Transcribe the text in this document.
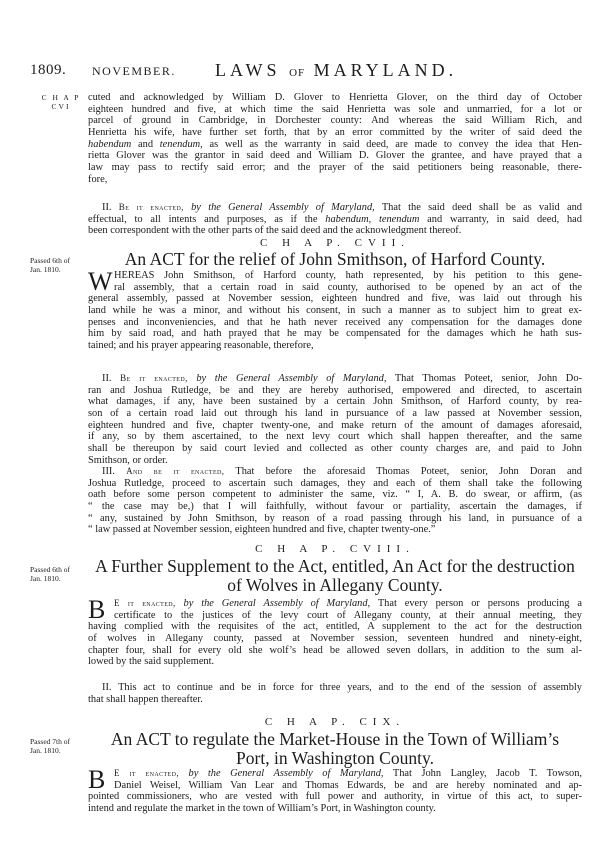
1809. NOVEMBER. LAWS OF MARYLAND.
C H A P
CVI
cuted and acknowledged by William D. Glover to Henrietta Glover, on the third day of October
eighteen hundred and five, at which time the said Henrietta was sole and unmarried, for a lot or
parcel of ground in Cambridge, in Dorchester county: And whereas the said William Rich, and
Henrietta his wife, have further set forth, that by an error committed by the writer of said deed the
habendum and tenendum, as well as the warranty in said deed, are made to convey the idea that Hen-
rietta Glover was the grantor in said deed and William D. Glover the grantee, and have prayed that a
law may pass to rectify said error; and the prayer of the said petitioners being reasonable, there-
fore,
II. Be it enacted, by the General Assembly of Maryland, That the said deed shall be as valid and
effectual, to all intents and purposes, as if the habendum, tenendum and warranty, in said deed, had
been correspondent with the other parts of the said deed and the acknowledgment thereof.
C H A P. CVII.
Passed 6th of
Jan. 1810.
An ACT for the relief of John Smithson, of Harford County.
W HEREAS John Smithson, of Harford county, hath represented, by his petition to this gene-
ral assembly, that a certain road in said county, authorised to be opened by an act of the
general assembly, passed at November session, eighteen hundred and five, was laid out through his
land while he was a minor, and without his consent, in such a manner as to subject him to great ex-
penses and inconveniencies, and that he hath never received any compensation for the damages done
him by said road, and hath prayed that he may be compensated for the damages which he hath sus-
tained; and his prayer appearing reasonable, therefore,
II. Be it enacted, by the General Assembly of Maryland, That Thomas Poteet, senior, John Do-
ran and Joshua Rutledge, be and they are hereby authorised, empowered and directed, to ascertain
what damages, if any, have been sustained by a certain John Smithson, of Harford county, by rea-
son of a certain road laid out through his land in pursuance of a law passed at November session,
eighteen hundred and five, chapter twenty-one, and make return of the amount of damages aforesaid,
if any, so by them ascertained, to the next levy court which shall happen thereafter, and the same
shall be thereupon by said court levied and collected as other county charges are, and paid to John
Smithson, or order.
III. And be it enacted, That before the aforesaid Thomas Poteet, senior, John Doran and
Joshua Rutledge, proceed to ascertain such damages, they and each of them shall take the following
oath before some person competent to administer the same, viz. “ I, A. B. do swear, or affirm, (as
“ the case may be,) that I will faithfully, without favour or partiality, ascertain the damages, if
“ any, sustained by John Smithson, by reason of a road passing through his land, in pursuance of a
“ law passed at November session, eighteen hundred and five, chapter twenty-one.”
C H A P. CVIII.
Passed 6th of
Jan. 1810.
A Further Supplement to the Act, entitled, An Act for the destruction
of Wolves in Allegany County.
B E it enacted, by the General Assembly of Maryland, That every person or persons producing a
certificate to the justices of the levy court of Allegany county, at their annual meeting, they
having complied with the requisites of the act, entitled, A supplement to the act for the destruction
of wolves in Allegany county, passed at November session, seventeen hundred and ninety-eight,
chapter four, shall for every old she wolf’s head be allowed seven dollars, in addition to the sum al-
lowed by the said supplement.
II. This act to continue and be in force for three years, and to the end of the session of assembly
that shall happen thereafter.
C H A P. CIX.
Passed 7th of
Jan. 1810.
An ACT to regulate the Market-House in the Town of William’s
Port, in Washington County.
B E it enacted, by the General Assembly of Maryland, That John Langley, Jacob T. Towson,
Daniel Weisel, William Van Lear and Thomas Edwards, be and are hereby nominated and ap-
pointed commissioners, who are vested with full power and authority, in virtue of this act, to super-
intend and regulate the market in the town of William’s Port, in Washington county.
